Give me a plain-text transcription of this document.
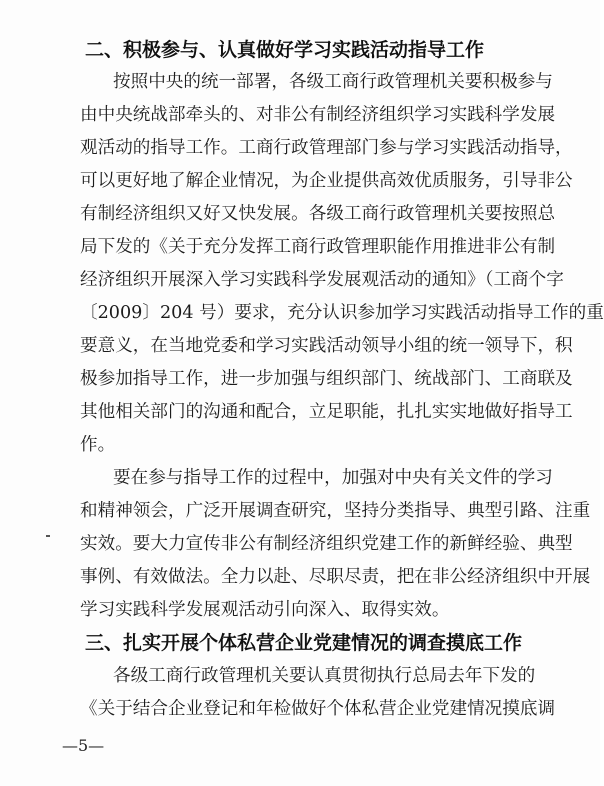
二、积极参与、认真做好学习实践活动指导工作
按照中央的统一部署，各级工商行政管理机关要积极参与
由中央统战部牵头的、对非公有制经济组织学习实践科学发展
观活动的指导工作。工商行政管理部门参与学习实践活动指导，
可以更好地了解企业情况，为企业提供高效优质服务，引导非公
有制经济组织又好又快发展。各级工商行政管理机关要按照总
局下发的《关于充分发挥工商行政管理职能作用推进非公有制
经济组织开展深入学习实践科学发展观活动的通知》（工商个字
〔2009〕204 号）要求，充分认识参加学习实践活动指导工作的重
要意义，在当地党委和学习实践活动领导小组的统一领导下，积
极参加指导工作，进一步加强与组织部门、统战部门、工商联及
其他相关部门的沟通和配合，立足职能，扎扎实实地做好指导工
作。
要在参与指导工作的过程中，加强对中央有关文件的学习
和精神领会，广泛开展调查研究，坚持分类指导、典型引路、注重
实效。要大力宣传非公有制经济组织党建工作的新鲜经验、典型
事例、有效做法。全力以赴、尽职尽责，把在非公经济组织中开展
学习实践科学发展观活动引向深入、取得实效。
三、扎实开展个体私营企业党建情况的调查摸底工作
各级工商行政管理机关要认真贯彻执行总局去年下发的
《关于结合企业登记和年检做好个体私营企业党建情况摸底调
—5—
